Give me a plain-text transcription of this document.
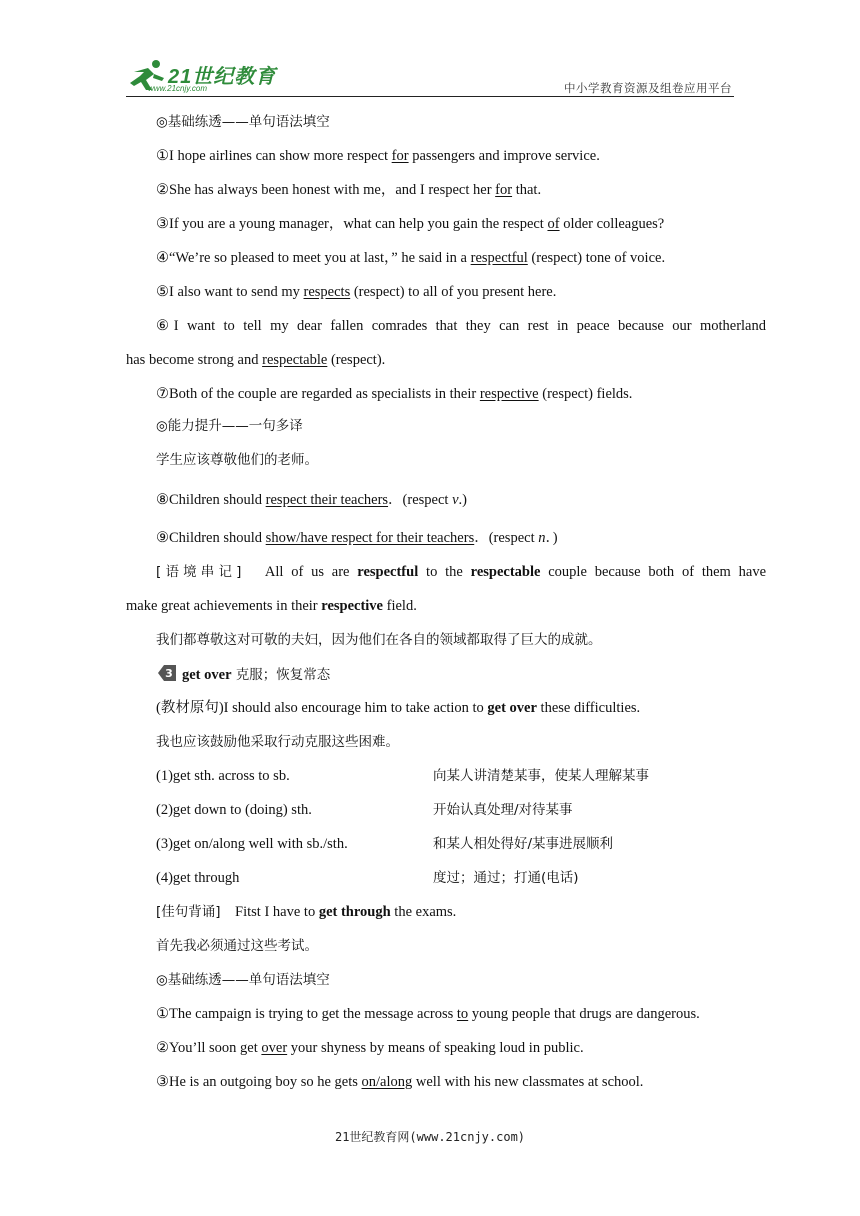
21世纪教育
www.21cnjy.com	中小学教育资源及组卷应用平台
◎基础练透——单句语法填空
①I hope airlines can show more respect for passengers and improve service.
②She has always been honest with me，and I respect her for that.
③If you are a young manager，what can help you gain the respect of older colleagues?
④“We’re so pleased to meet you at last，” he said in a respectful (respect) tone of voice.
⑤I also want to send my respects (respect) to all of you present here.
⑥I want to tell my dear fallen comrades that they can rest in peace because our motherland
has become strong and respectable (respect).
⑦Both of the couple are regarded as specialists in their respective (respect) fields.
◎能力提升——一句多译
学生应该尊敬他们的老师。
⑧Children should respect their teachers．(respect v.)
⑨Children should show/have respect for their teachers．(respect n．)
[语境串记] All of us are respectful to the respectable couple because both of them have
make great achievements in their respective field.
我们都尊敬这对可敬的夫妇，因为他们在各自的领域都取得了巨大的成就。
3 get over 克服；恢复常态
(教材原句)I should also encourage him to take action to get over these difficulties.
我也应该鼓励他采取行动克服这些困难。
(1)get sth. across to sb.	向某人讲清楚某事，使某人理解某事
(2)get down to (doing) sth.	开始认真处理/对待某事
(3)get on/along well with sb./sth.	和某人相处得好/某事进展顺利
(4)get through	度过；通过；打通(电话)
[佳句背诵] Fitst I have to get through the exams.
首先我必须通过这些考试。
◎基础练透——单句语法填空
①The campaign is trying to get the message across to young people that drugs are dangerous.
②You’ll soon get over your shyness by means of speaking loud in public.
③He is an outgoing boy so he gets on/along well with his new classmates at school.
21世纪教育网(www.21cnjy.com)
